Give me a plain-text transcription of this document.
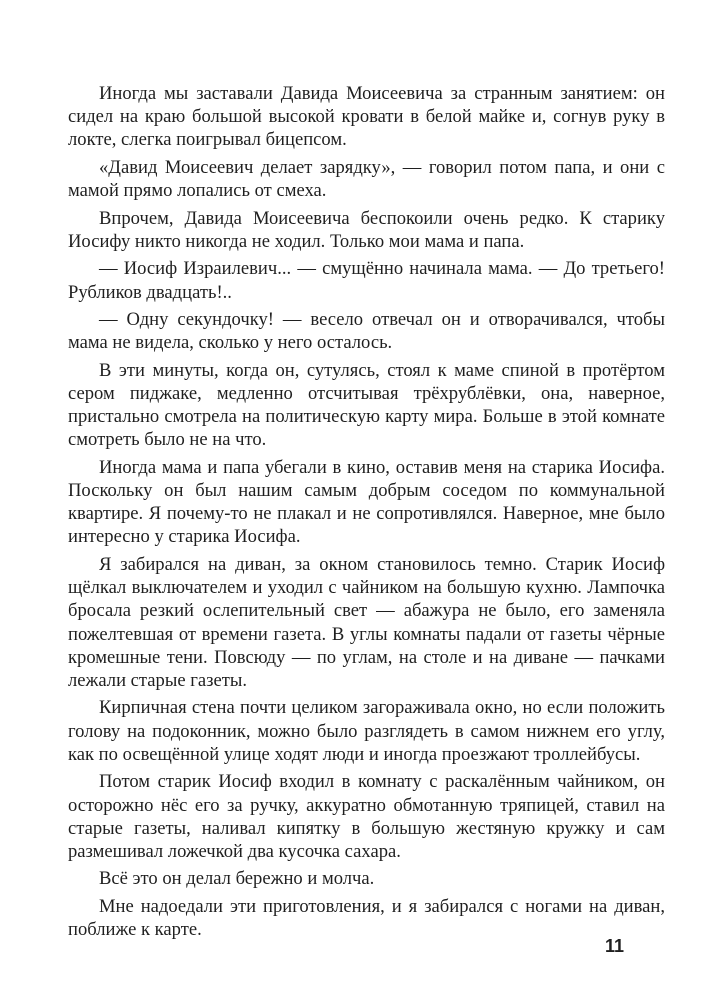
Иногда мы заставали Давида Моисеевича за странным занятием: он сидел на краю большой высокой кровати в белой майке и, согнув руку в локте, слегка поигрывал бицепсом.

«Давид Моисеевич делает зарядку», — говорил потом папа, и они с мамой прямо лопались от смеха.

Впрочем, Давида Моисеевича беспокоили очень редко. К старику Иосифу никто никогда не ходил. Только мои мама и папа.

— Иосиф Израилевич... — смущённо начинала мама. — До третьего! Рубликов двадцать!..

— Одну секундочку! — весело отвечал он и отворачивался, чтобы мама не видела, сколько у него осталось.

В эти минуты, когда он, сутулясь, стоял к маме спиной в протёртом сером пиджаке, медленно отсчитывая трёхрублёвки, она, наверное, пристально смотрела на политическую карту мира. Больше в этой комнате смотреть было не на что.

Иногда мама и папа убегали в кино, оставив меня на старика Иосифа. Поскольку он был нашим самым добрым соседом по коммунальной квартире. Я почему-то не плакал и не сопротивлялся. Наверное, мне было интересно у старика Иосифа.

Я забирался на диван, за окном становилось темно. Старик Иосиф щёлкал выключателем и уходил с чайником на большую кухню. Лампочка бросала резкий ослепительный свет — абажура не было, его заменяла пожелтевшая от времени газета. В углы комнаты падали от газеты чёрные кромешные тени. Повсюду — по углам, на столе и на диване — пачками лежали старые газеты.

Кирпичная стена почти целиком загораживала окно, но если положить голову на подоконник, можно было разглядеть в самом нижнем его углу, как по освещённой улице ходят люди и иногда проезжают троллейбусы.

Потом старик Иосиф входил в комнату с раскалённым чайником, он осторожно нёс его за ручку, аккуратно обмотанную тряпицей, ставил на старые газеты, наливал кипятку в большую жестяную кружку и сам размешивал ложечкой два кусочка сахара.

Всё это он делал бережно и молча.

Мне надоедали эти приготовления, и я забирался с ногами на диван, поближе к карте.

11
